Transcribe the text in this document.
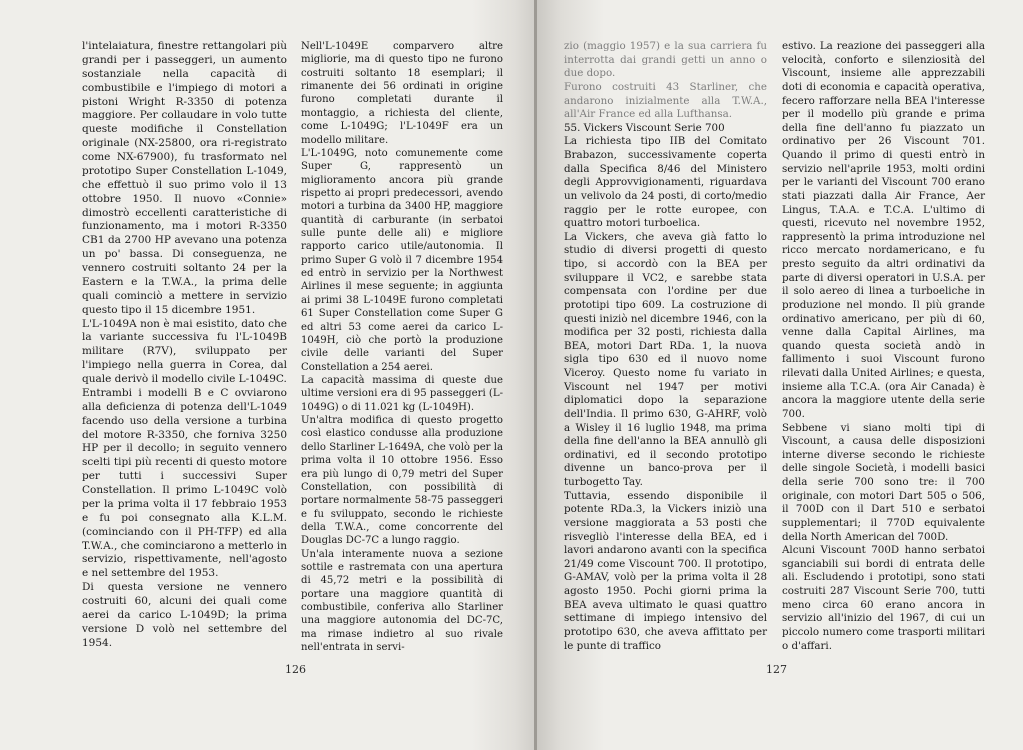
l'intelaiatura, finestre rettangolari più grandi per i passeggeri, un aumento sostanziale nella capacità di combustibile e l'impiego di motori a pistoni Wright R-3350 di potenza maggiore. Per collaudare in volo tutte queste modifiche il Constellation originale (NX-25800, ora ri-registrato come NX-67900), fu trasformato nel prototipo Super Constellation L-1049, che effettuò il suo primo volo il 13 ottobre 1950. Il nuovo «Connie» dimostrò eccellenti caratteristiche di funzionamento, ma i motori R-3350 CB1 da 2700 HP avevano una potenza un po' bassa. Di conseguenza, ne vennero costruiti soltanto 24 per la Eastern e la T.W.A., la prima delle quali cominciò a mettere in servizio questo tipo il 15 dicembre 1951.

L'L-1049A non è mai esistito, dato che la variante successiva fu l'L-1049B militare (R7V), sviluppato per l'impiego nella guerra in Corea, dal quale derivò il modello civile L-1049C.

Entrambi i modelli B e C ovviarono alla deficienza di potenza dell'L-1049 facendo uso della versione a turbina del motore R-3350, che forniva 3250 HP per il decollo; in seguito vennero scelti tipi più recenti di questo motore per tutti i successivi Super Constellation. Il primo L-1049C volò per la prima volta il 17 febbraio 1953 e fu poi consegnato alla K.L.M. (cominciando con il PH-TFP) ed alla T.W.A., che cominciarono a metterlo in servizio, rispettivamente, nell'agosto e nel settembre del 1953.

Di questa versione ne vennero costruiti 60, alcuni dei quali come aerei da carico L-1049D; la prima versione D volò nel settembre del 1954.

Nell'L-1049E comparvero altre migliorie, ma di questo tipo ne furono costruiti soltanto 18 esemplari; il rimanente dei 56 ordinati in origine furono completati durante il montaggio, a richiesta del cliente, come L-1049G; l'L-1049F era un modello militare.

L'L-1049G, noto comunemente come Super G, rappresentò un miglioramento ancora più grande rispetto ai propri predecessori, avendo motori a turbina da 3400 HP, maggiore quantità di carburante (in serbatoi sulle punte delle ali) e migliore rapporto carico utile/autonomia. Il primo Super G volò il 7 dicembre 1954 ed entrò in servizio per la Northwest Airlines il mese seguente; in aggiunta ai primi 38 L-1049E furono completati 61 Super Constellation come Super G ed altri 53 come aerei da carico L-1049H, ciò che portò la produzione civile delle varianti del Super Constellation a 254 aerei.

La capacità massima di queste due ultime versioni era di 95 passeggeri (L-1049G) o di 11.021 kg (L-1049H).

Un'altra modifica di questo progetto così elastico condusse alla produzione dello Starliner L-1649A, che volò per la prima volta il 10 ottobre 1956. Esso era più lungo di 0,79 metri del Super Constellation, con possibilità di portare normalmente 58-75 passeggeri e fu sviluppato, secondo le richieste della T.W.A., come concorrente del Douglas DC-7C a lungo raggio.

Un'ala interamente nuova a sezione sottile e rastremata con una apertura di 45,72 metri e la possibilità di portare una maggiore quantità di combustibile, conferiva allo Starliner una maggiore autonomia del DC-7C, ma rimase indietro al suo rivale nell'entrata in servi-

126

zio (maggio 1957) e la sua carriera fu interrotta dai grandi getti un anno o due dopo.

Furono costruiti 43 Starliner, che andarono inizialmente alla T.W.A., all'Air France ed alla Lufthansa.

55. Vickers Viscount Serie 700

La richiesta tipo IIB del Comitato Brabazon, successivamente coperta dalla Specifica 8/46 del Ministero degli Approvvigionamenti, riguardava un velivolo da 24 posti, di corto/medio raggio per le rotte europee, con quattro motori turboelica.

La Vickers, che aveva già fatto lo studio di diversi progetti di questo tipo, si accordò con la BEA per sviluppare il VC2, e sarebbe stata compensata con l'ordine per due prototipi tipo 609. La costruzione di questi iniziò nel dicembre 1946, con la modifica per 32 posti, richiesta dalla BEA, motori Dart RDa. 1, la nuova sigla tipo 630 ed il nuovo nome Viceroy. Questo nome fu variato in Viscount nel 1947 per motivi diplomatici dopo la separazione dell'India. Il primo 630, G-AHRF, volò a Wisley il 16 luglio 1948, ma prima della fine dell'anno la BEA annullò gli ordinativi, ed il secondo prototipo divenne un banco-prova per il turbogetto Tay.

Tuttavia, essendo disponibile il potente RDa.3, la Vickers iniziò una versione maggiorata a 53 posti che risvegliò l'interesse della BEA, ed i lavori andarono avanti con la specifica 21/49 come Viscount 700. Il prototipo, G-AMAV, volò per la prima volta il 28 agosto 1950. Pochi giorni prima la BEA aveva ultimato le quasi quattro settimane di impiego intensivo del prototipo 630, che aveva affittato per le punte di traffico

estivo. La reazione dei passeggeri alla velocità, conforto e silenziosità del Viscount, insieme alle apprezzabili doti di economia e capacità operativa, fecero rafforzare nella BEA l'interesse per il modello più grande e prima della fine dell'anno fu piazzato un ordinativo per 26 Viscount 701. Quando il primo di questi entrò in servizio nell'aprile 1953, molti ordini per le varianti del Viscount 700 erano stati piazzati dalla Air France, Aer Lingus, T.A.A. e T.C.A. L'ultimo di questi, ricevuto nel novembre 1952, rappresentò la prima introduzione nel ricco mercato nordamericano, e fu presto seguito da altri ordinativi da parte di diversi operatori in U.S.A. per il solo aereo di linea a turboeliche in produzione nel mondo. Il più grande ordinativo americano, per più di 60, venne dalla Capital Airlines, ma quando questa società andò in fallimento i suoi Viscount furono rilevati dalla United Airlines; e questa, insieme alla T.C.A. (ora Air Canada) è ancora la maggiore utente della serie 700.

Sebbene vi siano molti tipi di Viscount, a causa delle disposizioni interne diverse secondo le richieste delle singole Società, i modelli basici della serie 700 sono tre: il 700 originale, con motori Dart 505 o 506, il 700D con il Dart 510 e serbatoi supplementari; il 770D equivalente della North American del 700D.

Alcuni Viscount 700D hanno serbatoi sganciabili sui bordi di entrata delle ali. Escludendo i prototipi, sono stati costruiti 287 Viscount Serie 700, tutti meno circa 60 erano ancora in servizio all'inizio del 1967, di cui un piccolo numero come trasporti militari o d'affari.

127
